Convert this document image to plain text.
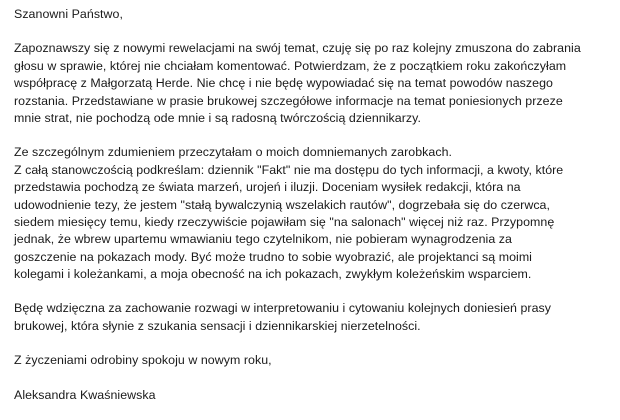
Szanowni Państwo,
Zapoznawszy się z nowymi rewelacjami na swój temat, czuję się po raz kolejny zmuszona do zabrania
głosu w sprawie, której nie chciałam komentować. Potwierdzam, że z początkiem roku zakończyłam
współpracę z Małgorzatą Herde. Nie chcę i nie będę wypowiadać się na temat powodów naszego
rozstania. Przedstawiane w prasie brukowej szczegółowe informacje na temat poniesionych przeze
mnie strat, nie pochodzą ode mnie i są radosną twórczością dziennikarzy.
Ze szczególnym zdumieniem przeczytałam o moich domniemanych zarobkach.
Z całą stanowczością podkreślam: dziennik "Fakt" nie ma dostępu do tych informacji, a kwoty, które
przedstawia pochodzą ze świata marzeń, urojeń i iluzji. Doceniam wysiłek redakcji, która na
udowodnienie tezy, że jestem "stałą bywalczynią wszelakich rautów", dogrzebała się do czerwca,
siedem miesięcy temu, kiedy rzeczywiście pojawiłam się "na salonach" więcej niż raz. Przypomnę
jednak, że wbrew upartemu wmawianiu tego czytelnikom, nie pobieram wynagrodzenia za
goszczenie na pokazach mody. Być może trudno to sobie wyobrazić, ale projektanci są moimi
kolegami i koleżankami, a moja obecność na ich pokazach, zwykłym koleżeńskim wsparciem.
Będę wdzięczna za zachowanie rozwagi w interpretowaniu i cytowaniu kolejnych doniesień prasy
brukowej, która słynie z szukania sensacji i dziennikarskiej nierzetelności.
Z życzeniami odrobiny spokoju w nowym roku,
Aleksandra Kwaśniewska
